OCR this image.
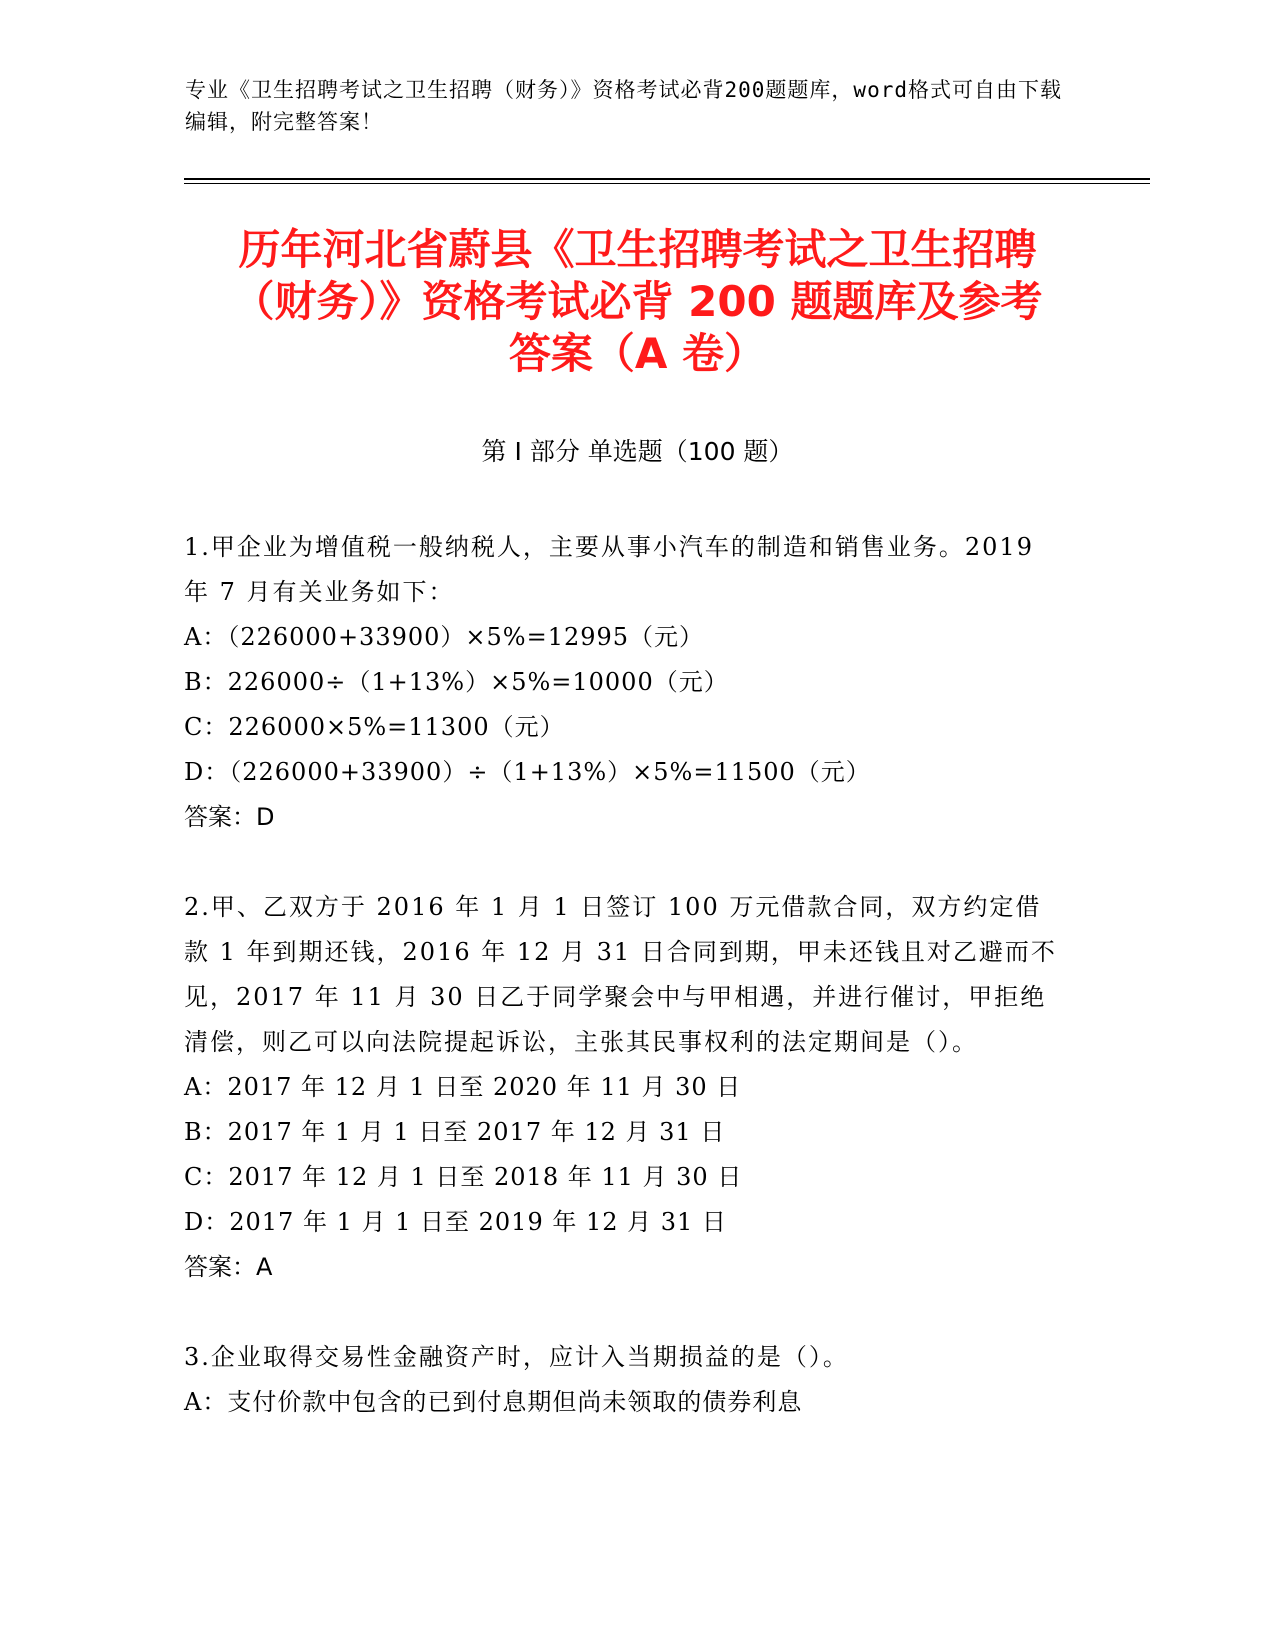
专业《卫生招聘考试之卫生招聘（财务）》资格考试必背200题题库，word格式可自由下载编辑，附完整答案！
历年河北省蔚县《卫生招聘考试之卫生招聘
（财务）》资格考试必背 200 题题库及参考
答案（A 卷）
第 I 部分 单选题（100 题）
1.甲企业为增值税一般纳税人，主要从事小汽车的制造和销售业务。2019 年 7 月有关业务如下：
A：（226000+33900）×5%=12995（元）
B：226000÷（1+13%）×5%=10000（元）
C：226000×5%=11300（元）
D：（226000+33900）÷（1+13%）×5%=11500（元）
答案：D
2.甲、乙双方于 2016 年 1 月 1 日签订 100 万元借款合同，双方约定借款 1 年到期还钱，2016 年 12 月 31 日合同到期，甲未还钱且对乙避而不见，2017 年 11 月 30 日乙于同学聚会中与甲相遇，并进行催讨，甲拒绝清偿，则乙可以向法院提起诉讼，主张其民事权利的法定期间是（）。
A：2017 年 12 月 1 日至 2020 年 11 月 30 日
B：2017 年 1 月 1 日至 2017 年 12 月 31 日
C：2017 年 12 月 1 日至 2018 年 11 月 30 日
D：2017 年 1 月 1 日至 2019 年 12 月 31 日
答案：A
3.企业取得交易性金融资产时，应计入当期损益的是（）。
A：支付价款中包含的已到付息期但尚未领取的债券利息
